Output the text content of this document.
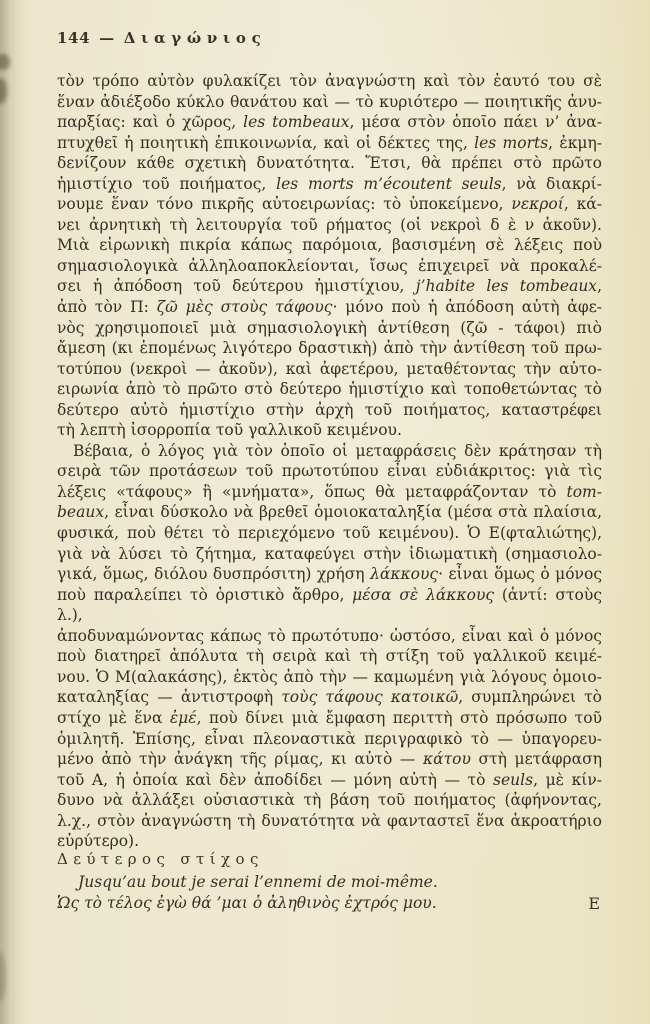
144 — Διαγώνιος
τὸν τρόπο αὐτὸν φυλακίζει τὸν ἀναγνώστη καὶ τὸν ἑαυτό του σὲ
ἕναν ἀδιέξοδο κύκλο θανάτου καὶ — τὸ κυριότερο — ποιητικῆς ἀνυ-
παρξίας: καὶ ὁ χῶρος, les tombeaux, μέσα στὸν ὁποῖο πάει ν’ ἀνα-
πτυχθεῖ ἡ ποιητικὴ ἐπικοινωνία, καὶ οἱ δέκτες της, les morts, ἐκμη-
δενίζουν κάθε σχετικὴ δυνατότητα. Ἔτσι, θὰ πρέπει στὸ πρῶτο
ἡμιστίχιο τοῦ ποιήματος, les morts m’écoutent seuls, νὰ διακρί-
νουμε ἕναν τόνο πικρῆς αὐτοειρωνίας: τὸ ὑποκείμενο, νεκροί, κά-
νει ἀρνητικὴ τὴ λειτουργία τοῦ ρήματος (οἱ νεκροὶ δ ὲ ν ἀκοῦν).
Μιὰ εἰρωνικὴ πικρία κάπως παρόμοια, βασισμένη σὲ λέξεις ποὺ
σημασιολογικὰ ἀλληλοαποκλείονται, ἴσως ἐπιχειρεῖ νὰ προκαλέ-
σει ἡ ἀπόδοση τοῦ δεύτερου ἡμιστίχιου, j’habite les tombeaux,
ἀπὸ τὸν Π: ζῶ μὲς στοὺς τάφους· μόνο ποὺ ἡ ἀπόδοση αὐτὴ ἀφε-
νὸς χρησιμοποιεῖ μιὰ σημασιολογικὴ ἀντίθεση (ζῶ - τάφοι) πιὸ
ἄμεση (κι ἑπομένως λιγότερο δραστικὴ) ἀπὸ τὴν ἀντίθεση τοῦ πρω-
τοτύπου (νεκροὶ — ἀκοῦν), καὶ ἀφετέρου, μεταθέτοντας τὴν αὐτο-
ειρωνία ἀπὸ τὸ πρῶτο στὸ δεύτερο ἡμιστίχιο καὶ τοποθετώντας τὸ
δεύτερο αὐτὸ ἡμιστίχιο στὴν ἀρχὴ τοῦ ποιήματος, καταστρέφει
τὴ λεπτὴ ἰσορροπία τοῦ γαλλικοῦ κειμένου.
Βέβαια, ὁ λόγος γιὰ τὸν ὁποῖο οἱ μεταφράσεις δὲν κράτησαν τὴ
σειρὰ τῶν προτάσεων τοῦ πρωτοτύπου εἶναι εὐδιάκριτος: γιὰ τὶς
λέξεις «τάφους» ἢ «μνήματα», ὅπως θὰ μεταφράζονταν τὸ tom-
beaux, εἶναι δύσκολο νὰ βρεθεῖ ὁμοιοκαταληξία (μέσα στὰ πλαίσια,
φυσικά, ποὺ θέτει τὸ περιεχόμενο τοῦ κειμένου). Ὁ Ε(φταλιώτης),
γιὰ νὰ λύσει τὸ ζήτημα, καταφεύγει στὴν ἰδιωματικὴ (σημασιολο-
γικά, ὅμως, διόλου δυσπρόσιτη) χρήση λάκκους· εἶναι ὅμως ὁ μόνος
ποὺ παραλείπει τὸ ὁριστικὸ ἄρθρο, μέσα σὲ λάκκους (ἀντί: στοὺς λ.),
ἀποδυναμώνοντας κάπως τὸ πρωτότυπο· ὡστόσο, εἶναι καὶ ὁ μόνος
ποὺ διατηρεῖ ἀπόλυτα τὴ σειρὰ καὶ τὴ στίξη τοῦ γαλλικοῦ κειμέ-
νου. Ὁ Μ(αλακάσης), ἐκτὸς ἀπὸ τὴν — καμωμένη γιὰ λόγους ὁμοιο-
καταληξίας — ἀντιστροφὴ τοὺς τάφους κατοικῶ, συμπληρώνει τὸ
στίχο μὲ ἕνα ἐμέ, ποὺ δίνει μιὰ ἔμφαση περιττὴ στὸ πρόσωπο τοῦ
ὁμιλητῆ. Ἐπίσης, εἶναι πλεοναστικὰ περιγραφικὸ τὸ — ὑπαγορευ-
μένο ἀπὸ τὴν ἀνάγκη τῆς ρίμας, κι αὐτὸ — κάτου στὴ μετάφραση
τοῦ Α, ἡ ὁποία καὶ δὲν ἀποδίδει — μόνη αὐτὴ — τὸ seuls, μὲ κίν-
δυνο νὰ ἀλλάξει οὐσιαστικὰ τὴ βάση τοῦ ποιήματος (ἀφήνοντας,
λ.χ., στὸν ἀναγνώστη τὴ δυνατότητα νὰ φανταστεῖ ἕνα ἀκροατήριο
εὐρύτερο).
Δεύτερος στίχος
Jusqu’au bout je serai l’ennemi de moi-même.
Ε
Ὡς τὸ τέλος ἐγὼ θά ’μαι ὁ ἀληθινὸς ἐχτρός μου.
